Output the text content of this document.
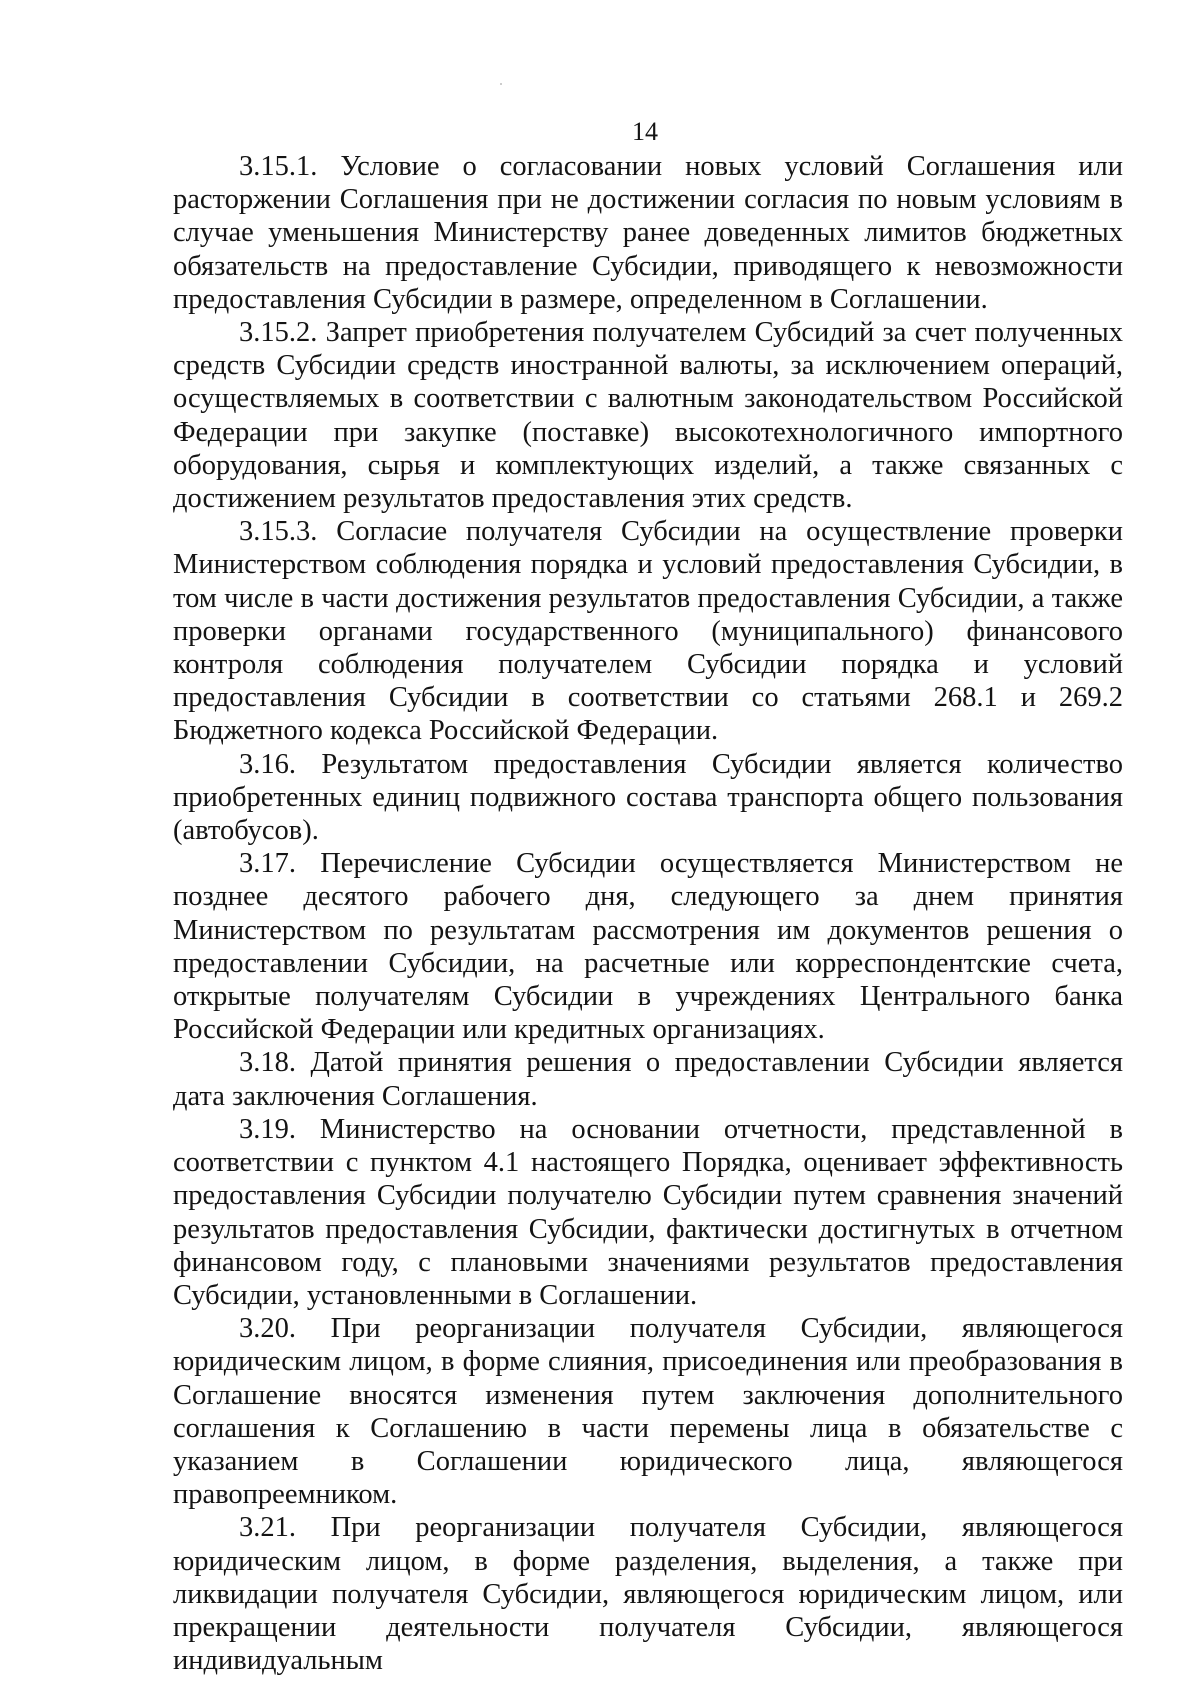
14

3.15.1. Условие о согласовании новых условий Соглашения или расторжении Соглашения при не достижении согласия по новым условиям в случае уменьшения Министерству ранее доведенных лимитов бюджетных обязательств на предоставление Субсидии, приводящего к невозможности предоставления Субсидии в размере, определенном в Соглашении.

3.15.2. Запрет приобретения получателем Субсидий за счет полученных средств Субсидии средств иностранной валюты, за исключением операций, осуществляемых в соответствии с валютным законодательством Российской Федерации при закупке (поставке) высокотехнологичного импортного оборудования, сырья и комплектующих изделий, а также связанных с достижением результатов предоставления этих средств.

3.15.3. Согласие получателя Субсидии на осуществление проверки Министерством соблюдения порядка и условий предоставления Субсидии, в том числе в части достижения результатов предоставления Субсидии, а также проверки органами государственного (муниципального) финансового контроля соблюдения получателем Субсидии порядка и условий предоставления Субсидии в соответствии со статьями 268.1 и 269.2 Бюджетного кодекса Российской Федерации.

3.16. Результатом предоставления Субсидии является количество приобретенных единиц подвижного состава транспорта общего пользования (автобусов).

3.17. Перечисление Субсидии осуществляется Министерством не позднее десятого рабочего дня, следующего за днем принятия Министерством по результатам рассмотрения им документов решения о предоставлении Субсидии, на расчетные или корреспондентские счета, открытые получателям Субсидии в учреждениях Центрального банка Российской Федерации или кредитных организациях.

3.18. Датой принятия решения о предоставлении Субсидии является дата заключения Соглашения.

3.19. Министерство на основании отчетности, представленной в соответствии с пунктом 4.1 настоящего Порядка, оценивает эффективность предоставления Субсидии получателю Субсидии путем сравнения значений результатов предоставления Субсидии, фактически достигнутых в отчетном финансовом году, с плановыми значениями результатов предоставления Субсидии, установленными в Соглашении.

3.20. При реорганизации получателя Субсидии, являющегося юридическим лицом, в форме слияния, присоединения или преобразования в Соглашение вносятся изменения путем заключения дополнительного соглашения к Соглашению в части перемены лица в обязательстве с указанием в Соглашении юридического лица, являющегося правопреемником.

3.21. При реорганизации получателя Субсидии, являющегося юридическим лицом, в форме разделения, выделения, а также при ликвидации получателя Субсидии, являющегося юридическим лицом, или прекращении деятельности получателя Субсидии, являющегося индивидуальным
